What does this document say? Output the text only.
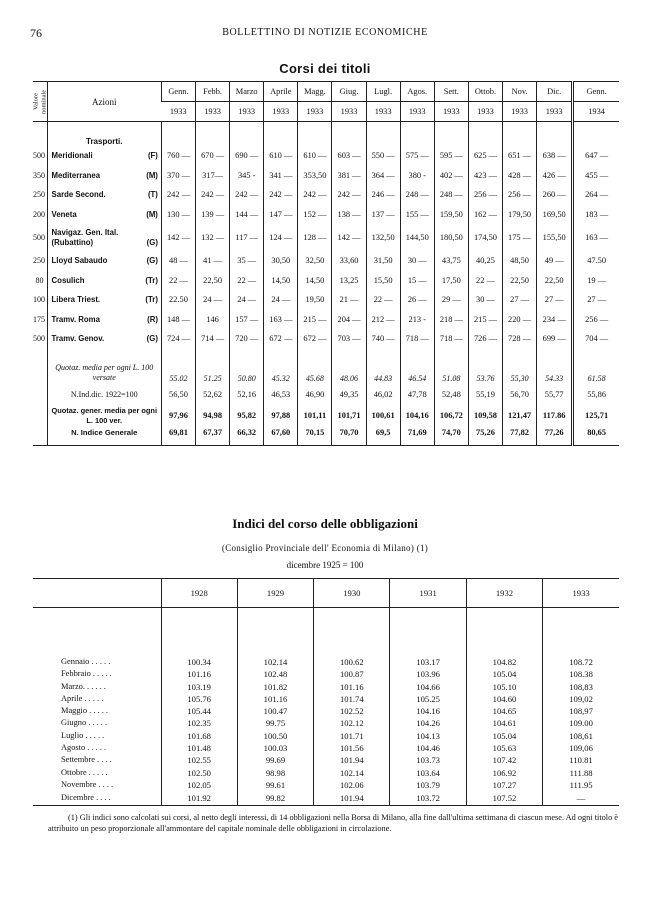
76	BOLLETTINO DI NOTIZIE ECONOMICHE
Corsi dei titoli
Valore nominale	Azioni	Genn.	Febb.	Marzo	Aprile	Magg.	Giug.	Lugl.	Agos.	Sett.	Ottob.	Nov.	Dic.	Genn.
		1933	1933	1933	1933	1933	1933	1933	1933	1933	1933	1933	1933	1934
	Trasporti.													
500	Meridionali (F)	760 —	670 —	690 —	610 —	610 —	603 —	550 —	575 —	595 —	625 —	651 —	638 —	647 —
350	Mediterranea (M)	370 —	317—	345 -	341 —	353,50	381 —	364 —	380 -	402 —	423 —	428 —	426 —	455 —
250	Sarde Second. (T)	242 —	242 —	242 —	242 —	242 —	242 —	246 —	248 —	248 —	256 —	256 —	260 —	264 —
200	Veneta (M)	130 —	139 —	144 —	147 —	152 —	138 —	137 —	155 —	159,50	162 —	179,50	169,50	183 —
500	Navigaz. Gen. Ital. (Rubattino) (G)	142 —	132 —	117 —	124 —	128 —	142 —	132,50	144,50	180,50	174,50	175 —	155,50	163 —
250	Lloyd Sabaudo (G)	48 —	41 —	35 —	30,50	32,50	33,60	31,50	30 —	43,75	40,25	48,50	49 —	47.50
80	Cosulich (Tr)	22 —	22,50	22 —	14,50	14,50	13,25	15,50	15 —	17,50	22 —	22,50	22,50	19 —
100	Libera Triest. (Tr)	22.50	24 —	24 —	24 —	19,50	21 —	22 —	26 —	29 —	30 —	27 —	27 —	27 —
175	Tramv. Roma (R)	148 —	146	157 —	163 —	215 —	204 —	212 —	213 -	218 —	215 —	220 —	234 —	256 —
500	Tramv. Genov. (G)	724 —	714 —	720 —	672 —	672 —	703 —	740 —	718 —	718 —	726 —	728 —	699 —	704 —
	Quotaz. media per ogni L. 100 versate	55.02	51.25	50.80	45.32	45.68	48.06	44.83	46.54	51.08	53.76	55,30	54.33	61.58
	N.Ind.dic. 1922=100	56,50	52,62	52,16	46,53	46,90	49,35	46,02	47,78	52,48	55,19	56,70	55,77	55,86
	Quotaz. gener. media per ogni L. 100 ver.	97,96	94,98	95,82	97,88	101,11	101,71	100,61	104,16	106,72	109,58	121,47	117.86	125,71
	N. Indice Generale	69,81	67,37	66,32	67,60	70,15	70,70	69,5	71,69	74,70	75,26	77,82	77,26	80,65
Indici del corso delle obbligazioni
(Consiglio Provinciale dell' Economia di Milano) (1)
dicembre 1925 = 100
	1928	1929	1930	1931	1932	1933

Gennaio . . . . .	100.34	102.14	100.62	103.17	104.82	108.72
Febbraio . . . . .	101.16	102.48	100.87	103.96	105.04	108.38
Marzo. . . . . .	103.19	101.82	101.16	104.66	105.10	108,83
Aprile . . . . .	105.76	101.16	101.74	105.25	104.60	109,02
Maggio . . . . .	105.44	100.47	102.52	104.16	104.65	108,97
Giugno . . . . .	102.35	99.75	102.12	104.26	104.61	109.00
Luglio . . . . .	101.68	100.50	101.71	104.13	105.04	108,61
Agosto . . . . .	101.48	100.03	101.56	104.46	105.63	109,06
Settembre . . . .	102.55	99.69	101.94	103.73	107.42	110.81
Ottobre . . . . .	102.50	98.98	102.14	103.64	106.92	111.88
Novembre . . . .	102.05	99.61	102.06	103.79	107.27	111.95
Dicembre . . . .	101.92	99.82	101.94	103.72	107.52	—
(1) Gli indici sono calcolati sui corsi, al netto degli interessi, di 14 obbligazioni nella Borsa di Milano, alla fine dall'ultima settimana di ciascun mese. Ad ogni titolo è attribuito un peso proporzionale all'ammontare del capitale nominale delle obbligazioni in circolazione.
